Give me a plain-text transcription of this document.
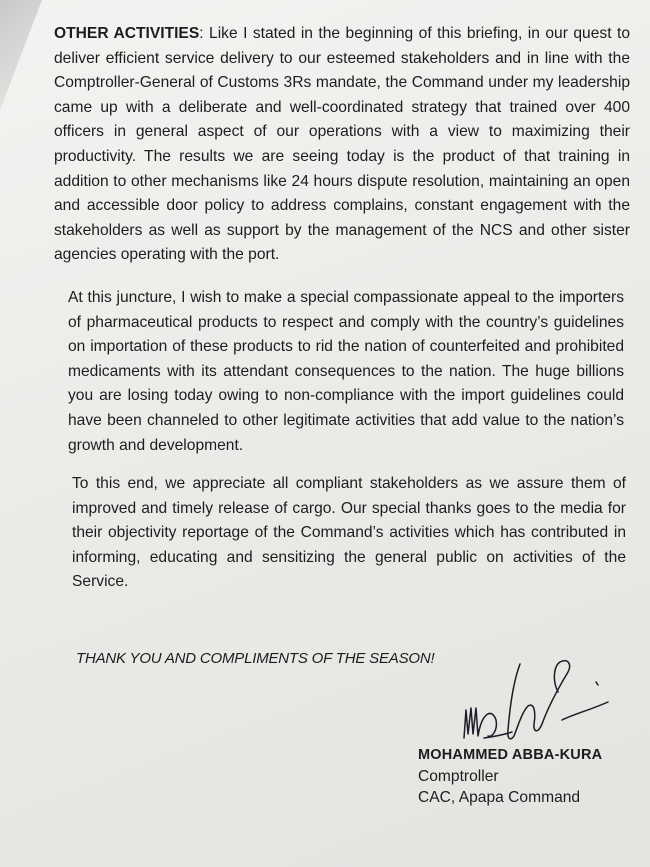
OTHER ACTIVITIES: Like I stated in the beginning of this briefing, in our quest to deliver efficient service delivery to our esteemed stakeholders and in line with the Comptroller-General of Customs 3Rs mandate, the Command under my leadership came up with a deliberate and well-coordinated strategy that trained over 400 officers in general aspect of our operations with a view to maximizing their productivity. The results we are seeing today is the product of that training in addition to other mechanisms like 24 hours dispute resolution, maintaining an open and accessible door policy to address complains, constant engagement with the stakeholders as well as support by the management of the NCS and other sister agencies operating with the port.

At this juncture, I wish to make a special compassionate appeal to the importers of pharmaceutical products to respect and comply with the country’s guidelines on importation of these products to rid the nation of counterfeited and prohibited medicaments with its attendant consequences to the nation. The huge billions you are losing today owing to non-compliance with the import guidelines could have been channeled to other legitimate activities that add value to the nation’s growth and development.

To this end, we appreciate all compliant stakeholders as we assure them of improved and timely release of cargo. Our special thanks goes to the media for their objectivity reportage of the Command’s activities which has contributed in informing, educating and sensitizing the general public on activities of the Service.

THANK YOU AND COMPLIMENTS OF THE SEASON!
MOHAMMED ABBA-KURA
Comptroller
CAC, Apapa Command
